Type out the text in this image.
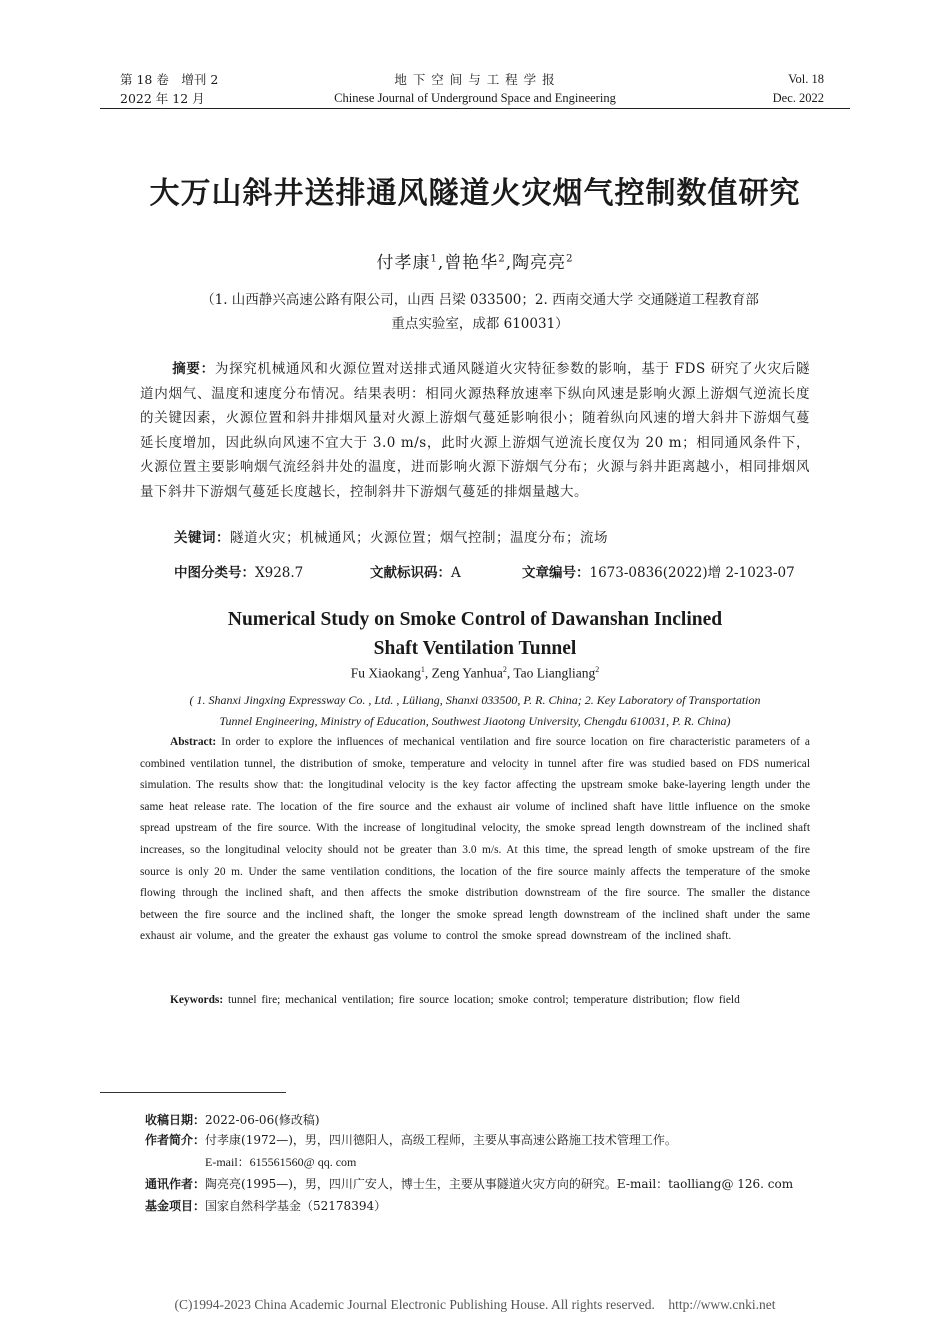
第 18 卷　增刊 2
2022 年 12 月
地 下 空 间 与 工 程 学 报
Chinese Journal of Underground Space and Engineering
Vol. 18
Dec. 2022
大万山斜井送排通风隧道火灾烟气控制数值研究
付孝康$^1$,曾艳华$^2$,陶亮亮$^2$
（1. 山西静兴高速公路有限公司，山西 吕梁 033500；2. 西南交通大学 交通隧道工程教育部
重点实验室，成都 610031）
摘要：为探究机械通风和火源位置对送排式通风隧道火灾特征参数的影响，基于 FDS 研究了火灾后隧道内烟气、温度和速度分布情况。结果表明：相同火源热释放速率下纵向风速是影响火源上游烟气逆流长度的关键因素，火源位置和斜井排烟风量对火源上游烟气蔓延影响很小；随着纵向风速的增大斜井下游烟气蔓延长度增加，因此纵向风速不宜大于 3.0 m/s，此时火源上游烟气逆流长度仅为 20 m；相同通风条件下，火源位置主要影响烟气流经斜井处的温度，进而影响火源下游烟气分布；火源与斜井距离越小，相同排烟风量下斜井下游烟气蔓延长度越长，控制斜井下游烟气蔓延的排烟量越大。
关键词：隧道火灾；机械通风；火源位置；烟气控制；温度分布；流场
中图分类号：X928.7	文献标识码：A	文章编号：1673-0836(2022)增 2-1023-07
Numerical Study on Smoke Control of Dawanshan Inclined
Shaft Ventilation Tunnel
Fu Xiaokang$^1$, Zeng Yanhua$^2$, Tao Liangliang$^2$
( 1. Shanxi Jingxing Expressway Co. , Ltd. , Lüliang, Shanxi 033500, P. R. China; 2. Key Laboratory of Transportation
Tunnel Engineering, Ministry of Education, Southwest Jiaotong University, Chengdu 610031, P. R. China)
Abstract: In order to explore the influences of mechanical ventilation and fire source location on fire characteristic parameters of a combined ventilation tunnel, the distribution of smoke, temperature and velocity in tunnel after fire was studied based on FDS numerical simulation. The results show that: the longitudinal velocity is the key factor affecting the upstream smoke bake-layering length under the same heat release rate. The location of the fire source and the exhaust air volume of inclined shaft have little influence on the smoke spread upstream of the fire source. With the increase of longitudinal velocity, the smoke spread length downstream of the inclined shaft increases, so the longitudinal velocity should not be greater than 3.0 m/s. At this time, the spread length of smoke upstream of the fire source is only 20 m. Under the same ventilation conditions, the location of the fire source mainly affects the temperature of the smoke flowing through the inclined shaft, and then affects the smoke distribution downstream of the fire source. The smaller the distance between the fire source and the inclined shaft, the longer the smoke spread length downstream of the inclined shaft under the same exhaust air volume, and the greater the exhaust gas volume to control the smoke spread downstream of the inclined shaft.
Keywords: tunnel fire; mechanical ventilation; fire source location; smoke control; temperature distribution; flow field
收稿日期：2022-06-06(修改稿)
作者简介：付孝康(1972—)，男，四川德阳人，高级工程师，主要从事高速公路施工技术管理工作。
E-mail：615561560@ qq. com
通讯作者：陶亮亮(1995—)，男，四川广安人，博士生，主要从事隧道火灾方向的研究。E-mail：taolliang@ 126. com
基金项目：国家自然科学基金（52178394）
(C)1994-2023 China Academic Journal Electronic Publishing House. All rights reserved.    http://www.cnki.net
